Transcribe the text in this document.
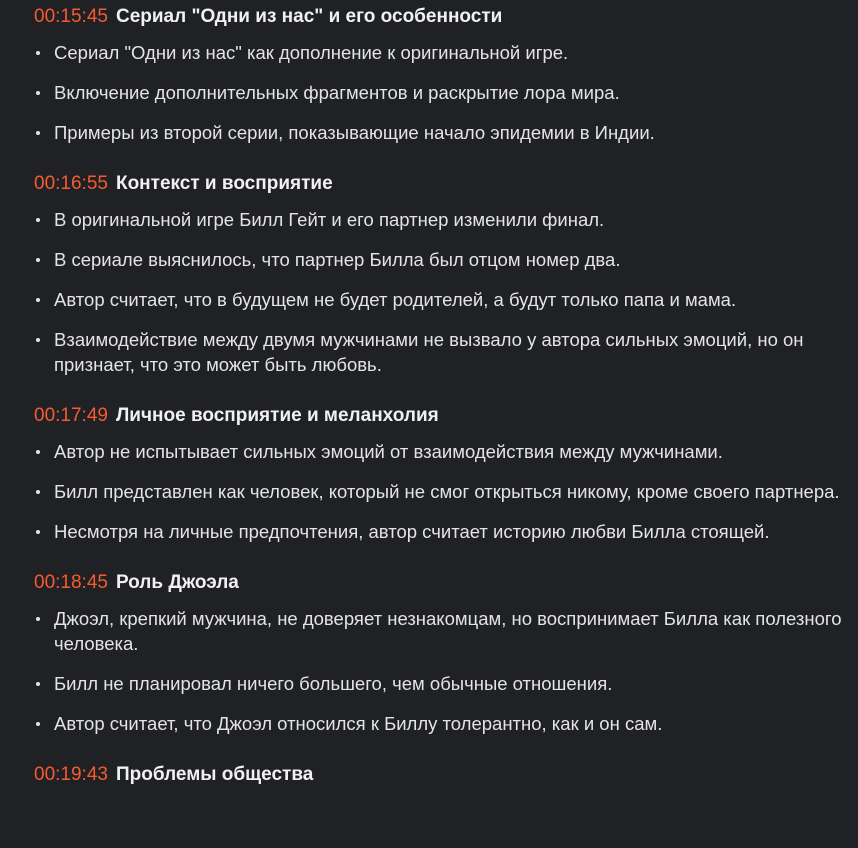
00:15:45 Сериал "Одни из нас" и его особенности
Сериал "Одни из нас" как дополнение к оригинальной игре.
Включение дополнительных фрагментов и раскрытие лора мира.
Примеры из второй серии, показывающие начало эпидемии в Индии.
00:16:55 Контекст и восприятие
В оригинальной игре Билл Гейт и его партнер изменили финал.
В сериале выяснилось, что партнер Билла был отцом номер два.
Автор считает, что в будущем не будет родителей, а будут только папа и мама.
Взаимодействие между двумя мужчинами не вызвало у автора сильных эмоций, но он признает, что это может быть любовь.
00:17:49 Личное восприятие и меланхолия
Автор не испытывает сильных эмоций от взаимодействия между мужчинами.
Билл представлен как человек, который не смог открыться никому, кроме своего партнера.
Несмотря на личные предпочтения, автор считает историю любви Билла стоящей.
00:18:45 Роль Джоэла
Джоэл, крепкий мужчина, не доверяет незнакомцам, но воспринимает Билла как полезного человека.
Билл не планировал ничего большего, чем обычные отношения.
Автор считает, что Джоэл относился к Биллу толерантно, как и он сам.
00:19:43 Проблемы общества
